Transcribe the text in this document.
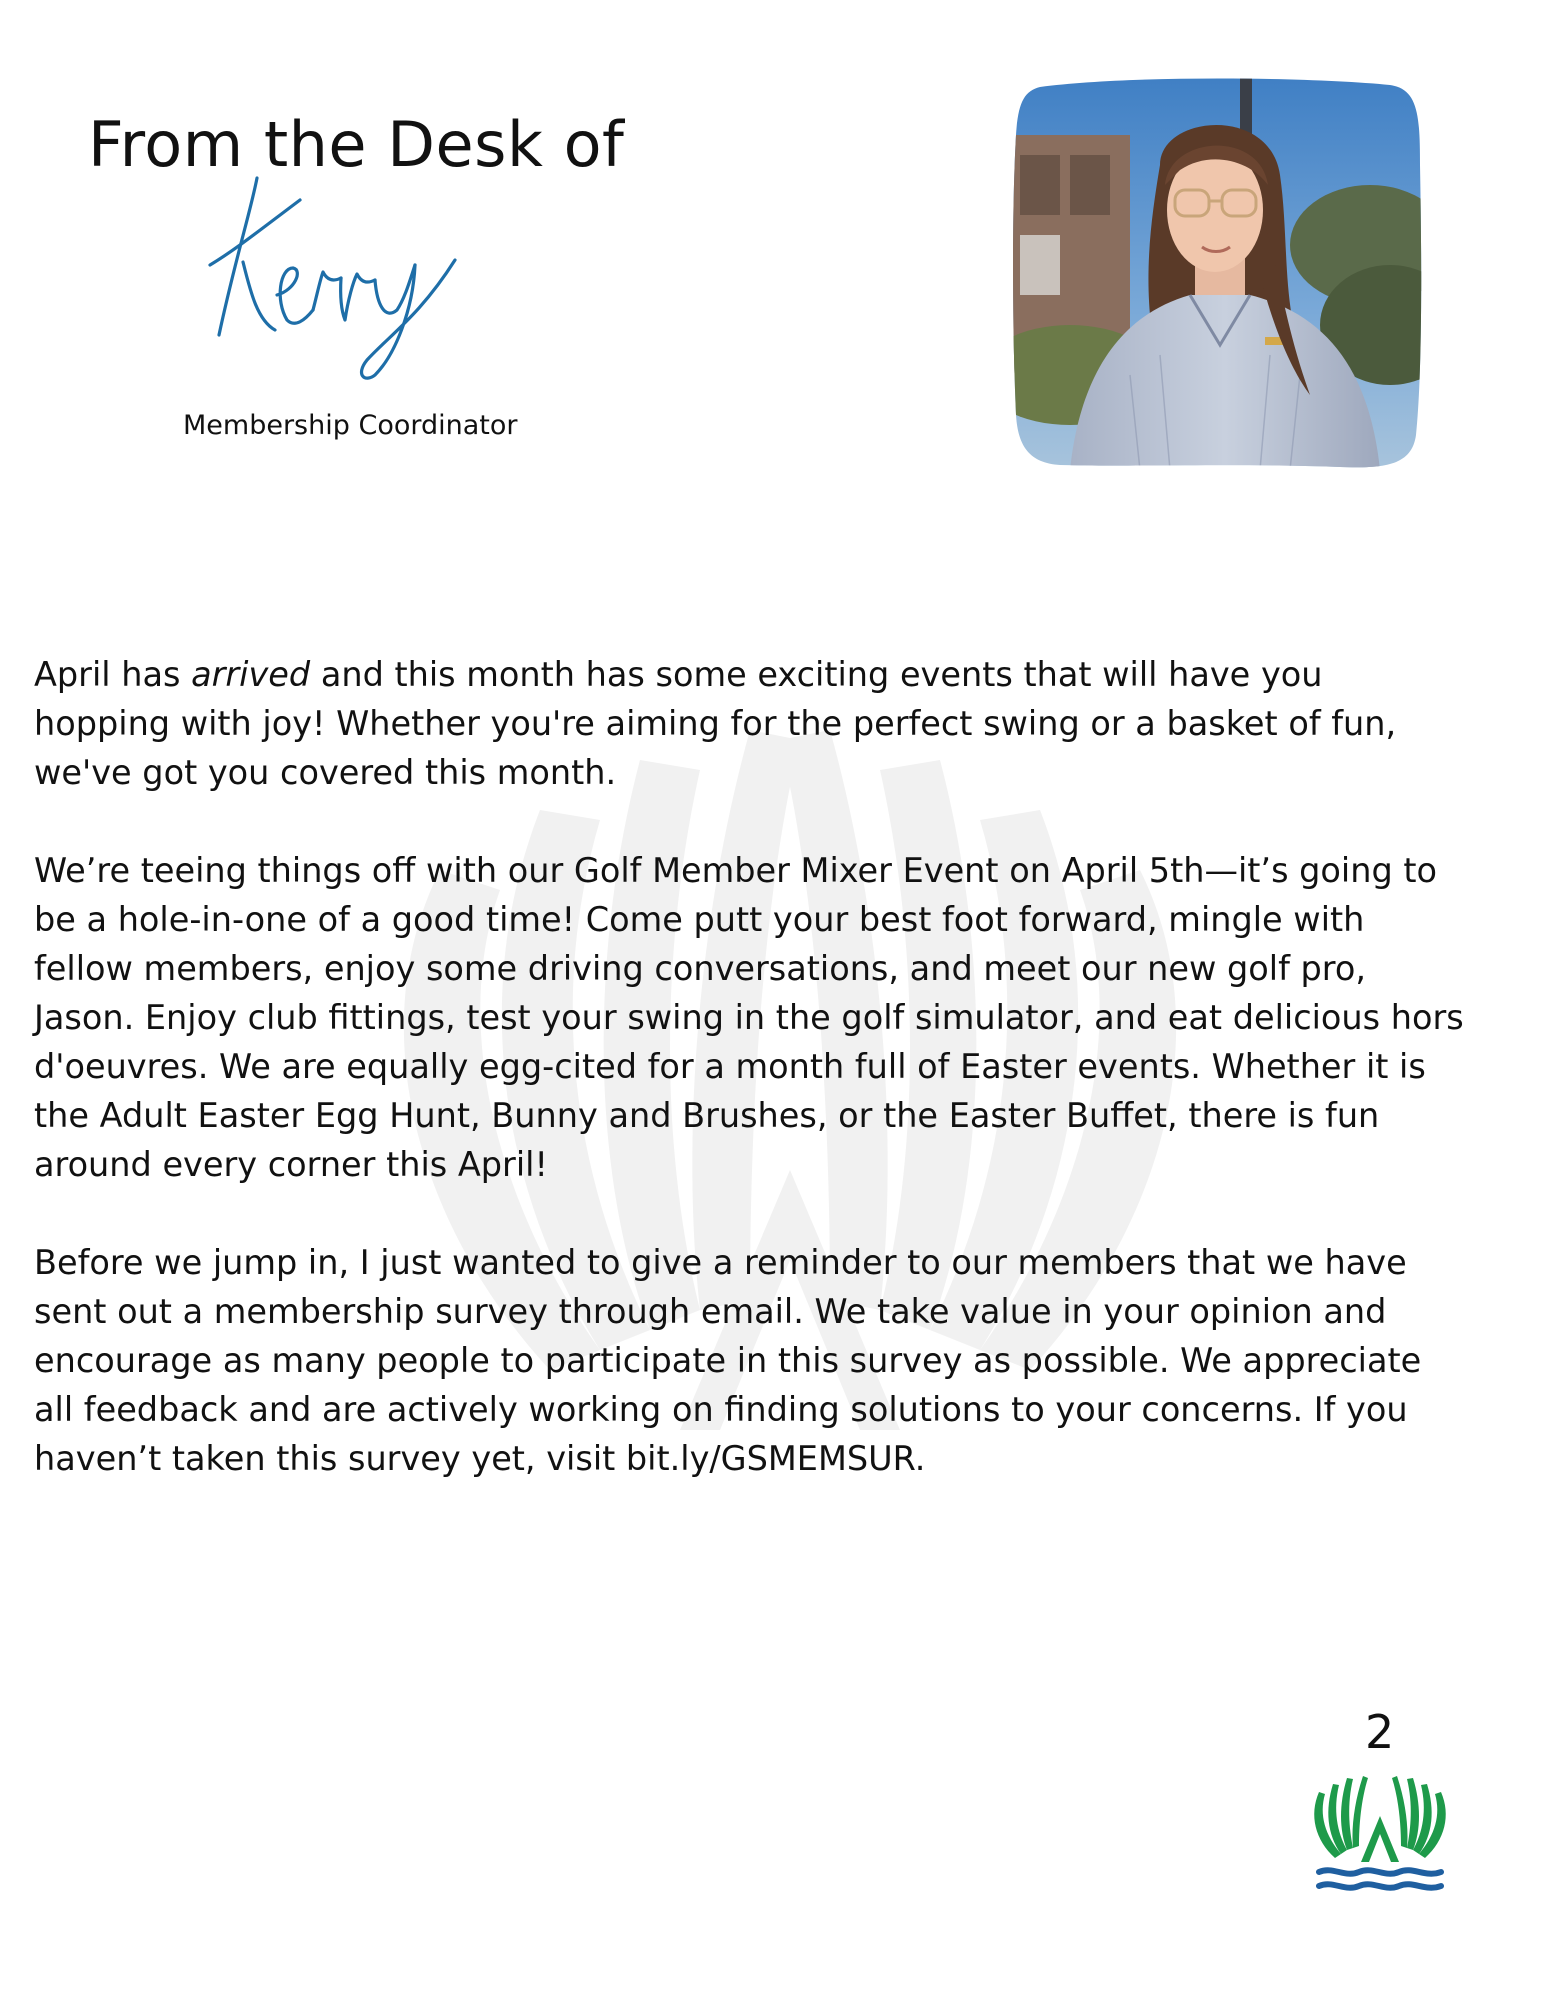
From the Desk of
Membership Coordinator

April has arrived and this month has some exciting events that will have you hopping with joy! Whether you're aiming for the perfect swing or a basket of fun, we've got you covered this month.

We’re teeing things off with our Golf Member Mixer Event on April 5th—it’s going to be a hole-in-one of a good time! Come putt your best foot forward, mingle with fellow members, enjoy some driving conversations, and meet our new golf pro, Jason. Enjoy club fittings, test your swing in the golf simulator, and eat delicious hors d'oeuvres. We are equally egg-cited for a month full of Easter events. Whether it is the Adult Easter Egg Hunt, Bunny and Brushes, or the Easter Buffet, there is fun around every corner this April!

Before we jump in, I just wanted to give a reminder to our members that we have sent out a membership survey through email. We take value in your opinion and encourage as many people to participate in this survey as possible. We appreciate all feedback and are actively working on finding solutions to your concerns. If you haven’t taken this survey yet, visit bit.ly/GSMEMSUR.

2
